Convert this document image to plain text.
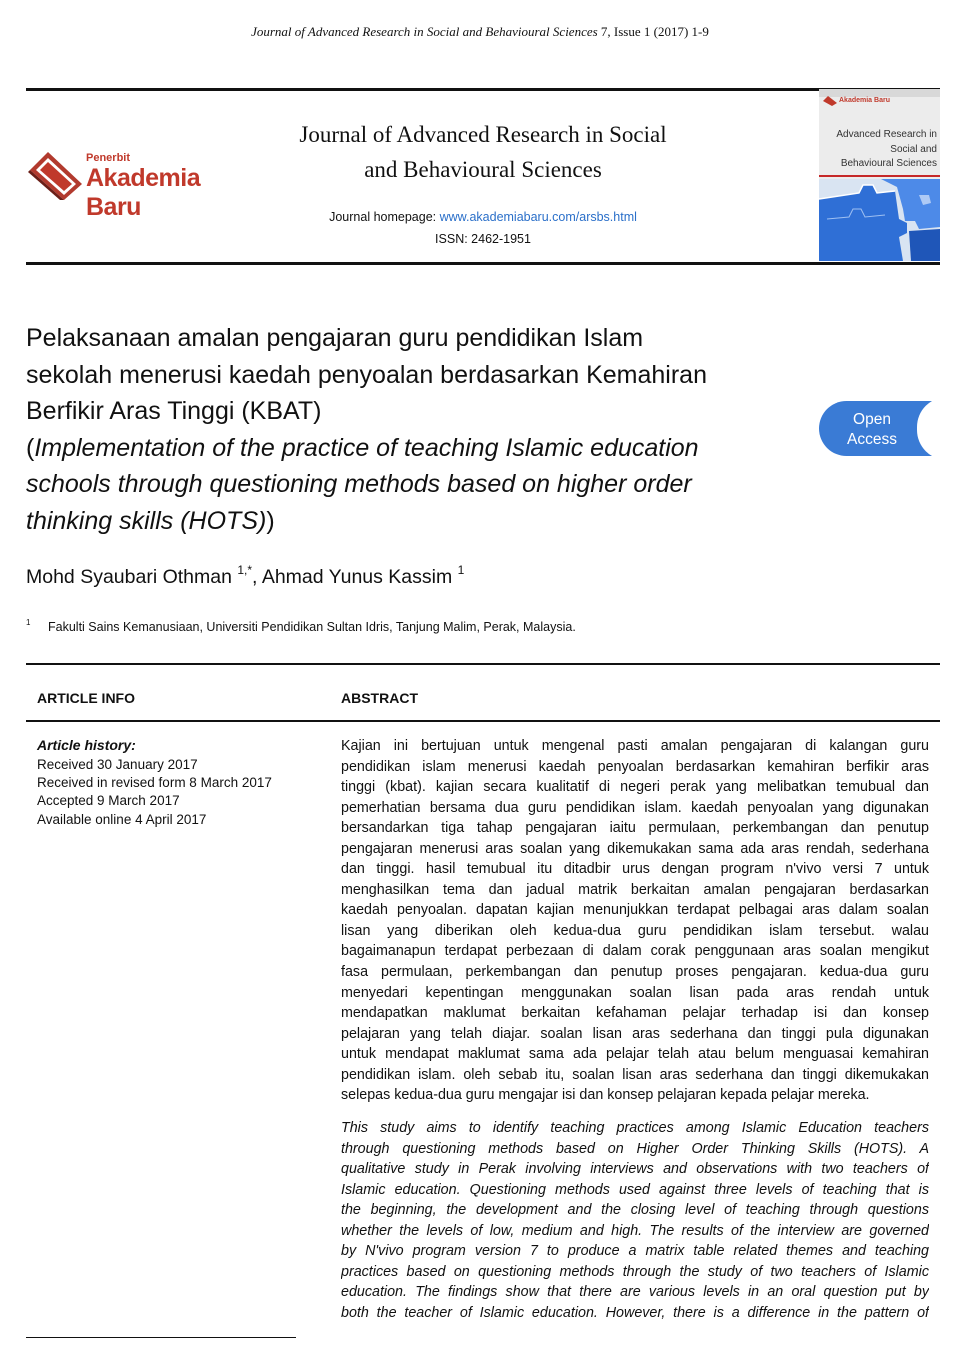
Journal of Advanced Research in Social and Behavioural Sciences 7, Issue 1 (2017) 1-9
Penerbit
Akademia Baru
Journal of Advanced Research in Social
and Behavioural Sciences
Journal homepage: www.akademiabaru.com/arsbs.html
ISSN: 2462-1951
Akademia Baru
Advanced Research in
Social and
Behavioural Sciences
Pelaksanaan amalan pengajaran guru pendidikan Islam
sekolah menerusi kaedah penyoalan berdasarkan Kemahiran
Berfikir Aras Tinggi (KBAT)
(Implementation of the practice of teaching Islamic education
schools through questioning methods based on higher order
thinking skills (HOTS))
Open
Access
Mohd Syaubari Othman $^{1,*}$, Ahmad Yunus Kassim $^1$
1 Fakulti Sains Kemanusiaan, Universiti Pendidikan Sultan Idris, Tanjung Malim, Perak, Malaysia.
ARTICLE INFO	ABSTRACT
Article history:
Received 30 January 2017
Received in revised form 8 March 2017
Accepted 9 March 2017
Available online 4 April 2017
Kajian ini bertujuan untuk mengenal pasti amalan pengajaran di kalangan guru
pendidikan islam menerusi kaedah penyoalan berdasarkan kemahiran berfikir aras
tinggi (kbat). kajian secara kualitatif di negeri perak yang melibatkan temubual dan
pemerhatian bersama dua guru pendidikan islam. kaedah penyoalan yang digunakan
bersandarkan tiga tahap pengajaran iaitu permulaan, perkembangan dan penutup
pengajaran menerusi aras soalan yang dikemukakan sama ada aras rendah, sederhana
dan tinggi. hasil temubual itu ditadbir urus dengan program n'vivo versi 7 untuk
menghasilkan tema dan jadual matrik berkaitan amalan pengajaran berdasarkan
kaedah penyoalan. dapatan kajian menunjukkan terdapat pelbagai aras dalam soalan
lisan yang diberikan oleh kedua-dua guru pendidikan islam tersebut. walau
bagaimanapun terdapat perbezaan di dalam corak penggunaan aras soalan mengikut
fasa permulaan, perkembangan dan penutup proses pengajaran. kedua-dua guru
menyedari kepentingan menggunakan soalan lisan pada aras rendah untuk
mendapatkan maklumat berkaitan kefahaman pelajar terhadap isi dan konsep
pelajaran yang telah diajar. soalan lisan aras sederhana dan tinggi pula digunakan
untuk mendapat maklumat sama ada pelajar telah atau belum menguasai kemahiran
pendidikan islam. oleh sebab itu, soalan lisan aras sederhana dan tinggi dikemukakan
selepas kedua-dua guru mengajar isi dan konsep pelajaran kepada pelajar mereka.
This study aims to identify teaching practices among Islamic Education teachers
through questioning methods based on Higher Order Thinking Skills (HOTS). A
qualitative study in Perak involving interviews and observations with two teachers of
Islamic education. Questioning methods used against three levels of teaching that is
the beginning, the development and the closing level of teaching through questions
whether the levels of low, medium and high. The results of the interview are governed
by N'vivo program version 7 to produce a matrix table related themes and teaching
practices based on questioning methods through the study of two teachers of Islamic
education. The findings show that there are various levels in an oral question put by
both the teacher of Islamic education. However, there is a difference in the pattern of
